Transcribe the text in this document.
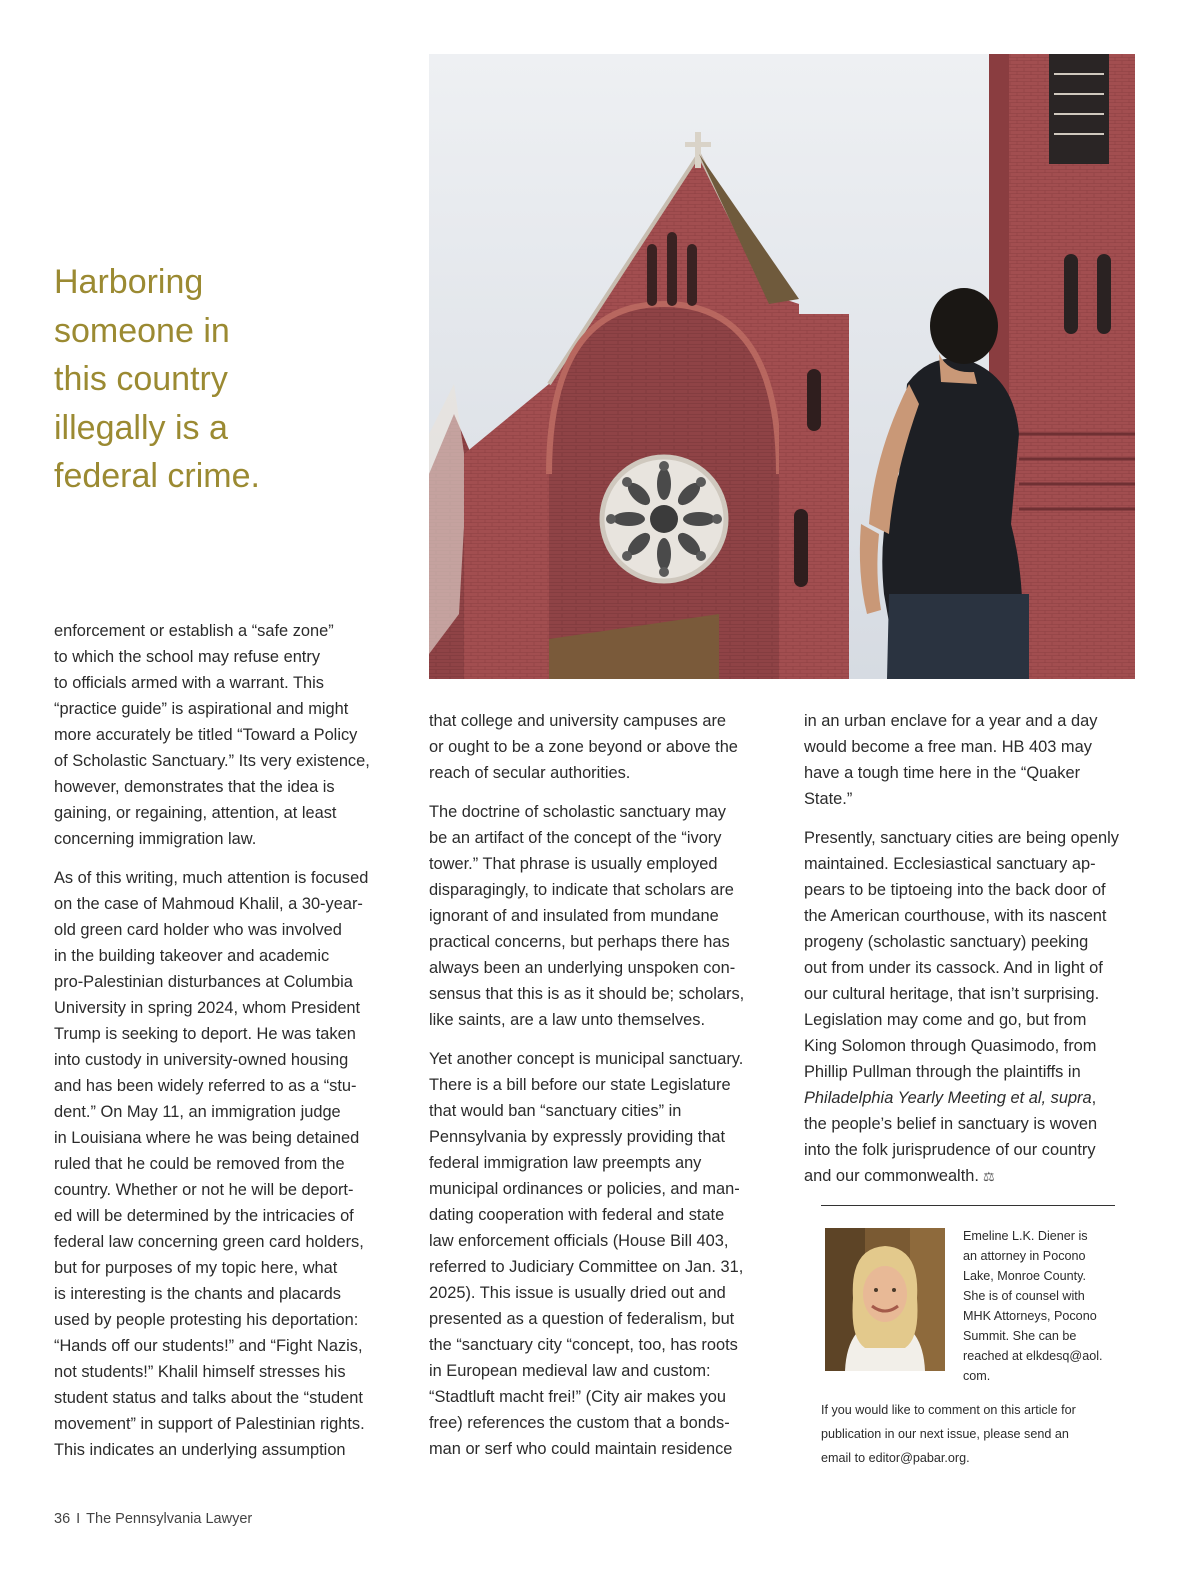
Harboring
someone in
this country
illegally is a
federal crime.

enforcement or establish a “safe zone”
to which the school may refuse entry
to officials armed with a warrant. This
“practice guide” is aspirational and might
more accurately be titled “Toward a Policy
of Scholastic Sanctuary.” Its very existence,
however, demonstrates that the idea is
gaining, or regaining, attention, at least
concerning immigration law.

As of this writing, much attention is focused
on the case of Mahmoud Khalil, a 30-year-
old green card holder who was involved
in the building takeover and academic
pro-Palestinian disturbances at Columbia
University in spring 2024, whom President
Trump is seeking to deport. He was taken
into custody in university-owned housing
and has been widely referred to as a “stu-
dent.” On May 11, an immigration judge
in Louisiana where he was being detained
ruled that he could be removed from the
country. Whether or not he will be deport-
ed will be determined by the intricacies of
federal law concerning green card holders,
but for purposes of my topic here, what
is interesting is the chants and placards
used by people protesting his deportation:
“Hands off our students!” and “Fight Nazis,
not students!” Khalil himself stresses his
student status and talks about the “student
movement” in support of Palestinian rights.
This indicates an underlying assumption

that college and university campuses are
or ought to be a zone beyond or above the
reach of secular authorities.

The doctrine of scholastic sanctuary may
be an artifact of the concept of the “ivory
tower.” That phrase is usually employed
disparagingly, to indicate that scholars are
ignorant of and insulated from mundane
practical concerns, but perhaps there has
always been an underlying unspoken con-
sensus that this is as it should be; scholars,
like saints, are a law unto themselves.

Yet another concept is municipal sanctuary.
There is a bill before our state Legislature
that would ban “sanctuary cities” in
Pennsylvania by expressly providing that
federal immigration law preempts any
municipal ordinances or policies, and man-
dating cooperation with federal and state
law enforcement officials (House Bill 403,
referred to Judiciary Committee on Jan. 31,
2025). This issue is usually dried out and
presented as a question of federalism, but
the “sanctuary city “concept, too, has roots
in European medieval law and custom:
“Stadtluft macht frei!” (City air makes you
free) references the custom that a bonds-
man or serf who could maintain residence

in an urban enclave for a year and a day
would become a free man. HB 403 may
have a tough time here in the “Quaker
State.”

Presently, sanctuary cities are being openly
maintained. Ecclesiastical sanctuary ap-
pears to be tiptoeing into the back door of
the American courthouse, with its nascent
progeny (scholastic sanctuary) peeking
out from under its cassock. And in light of
our cultural heritage, that isn’t surprising.
Legislation may come and go, but from
King Solomon through Quasimodo, from
Phillip Pullman through the plaintiffs in
Philadelphia Yearly Meeting et al, supra,
the people’s belief in sanctuary is woven
into the folk jurisprudence of our country
and our commonwealth. ⚖

Emeline L.K. Diener is
an attorney in Pocono
Lake, Monroe County.
She is of counsel with
MHK Attorneys, Pocono
Summit. She can be
reached at elkdesq@aol.
com.
If you would like to comment on this article for
publication in our next issue, please send an
email to editor@pabar.org.
36 I The Pennsylvania Lawyer
